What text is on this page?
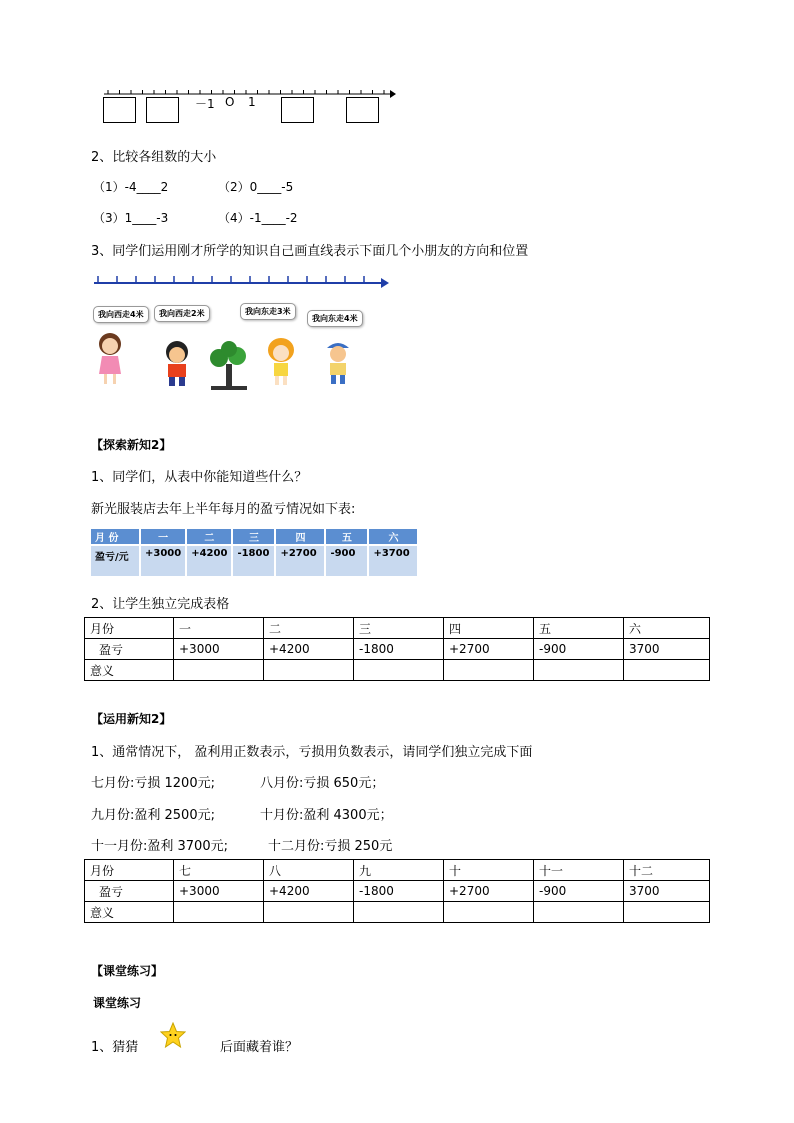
－1 O 1
2、比较各组数的大小
（1）-4____2	（2）0____-5
（3）1____-3	（4）-1____-2
3、同学们运用刚才所学的知识自己画直线表示下面几个小朋友的方向和位置
我向西走4米	我向西走2米	我向东走3米
我向东走4米
【探索新知2】
1、同学们，从表中你能知道些什么？
新光服装店去年上半年每月的盈亏情况如下表:
月 份	一	二	三	四	五	六
盈亏/元	+3000	+4200	-1800	+2700	-900	+3700
2、让学生独立完成表格
月份	一	二	三	四	五	六
盈亏	+3000	+4200	-1800	+2700	-900	3700
意义						
【运用新知2】
1、通常情况下， 盈利用正数表示，亏损用负数表示，请同学们独立完成下面
七月份:亏损 1200元;	八月份:亏损 650元；
九月份:盈利 2500元;	十月份:盈利 4300元；
十一月份:盈利 3700元;	十二月份:亏损 250元
月份	七	八	九	十	十一	十二
盈亏	+3000	+4200	-1800	+2700	-900	3700
意义						
【课堂练习】
课堂练习
1、猜猜	后面藏着谁？
